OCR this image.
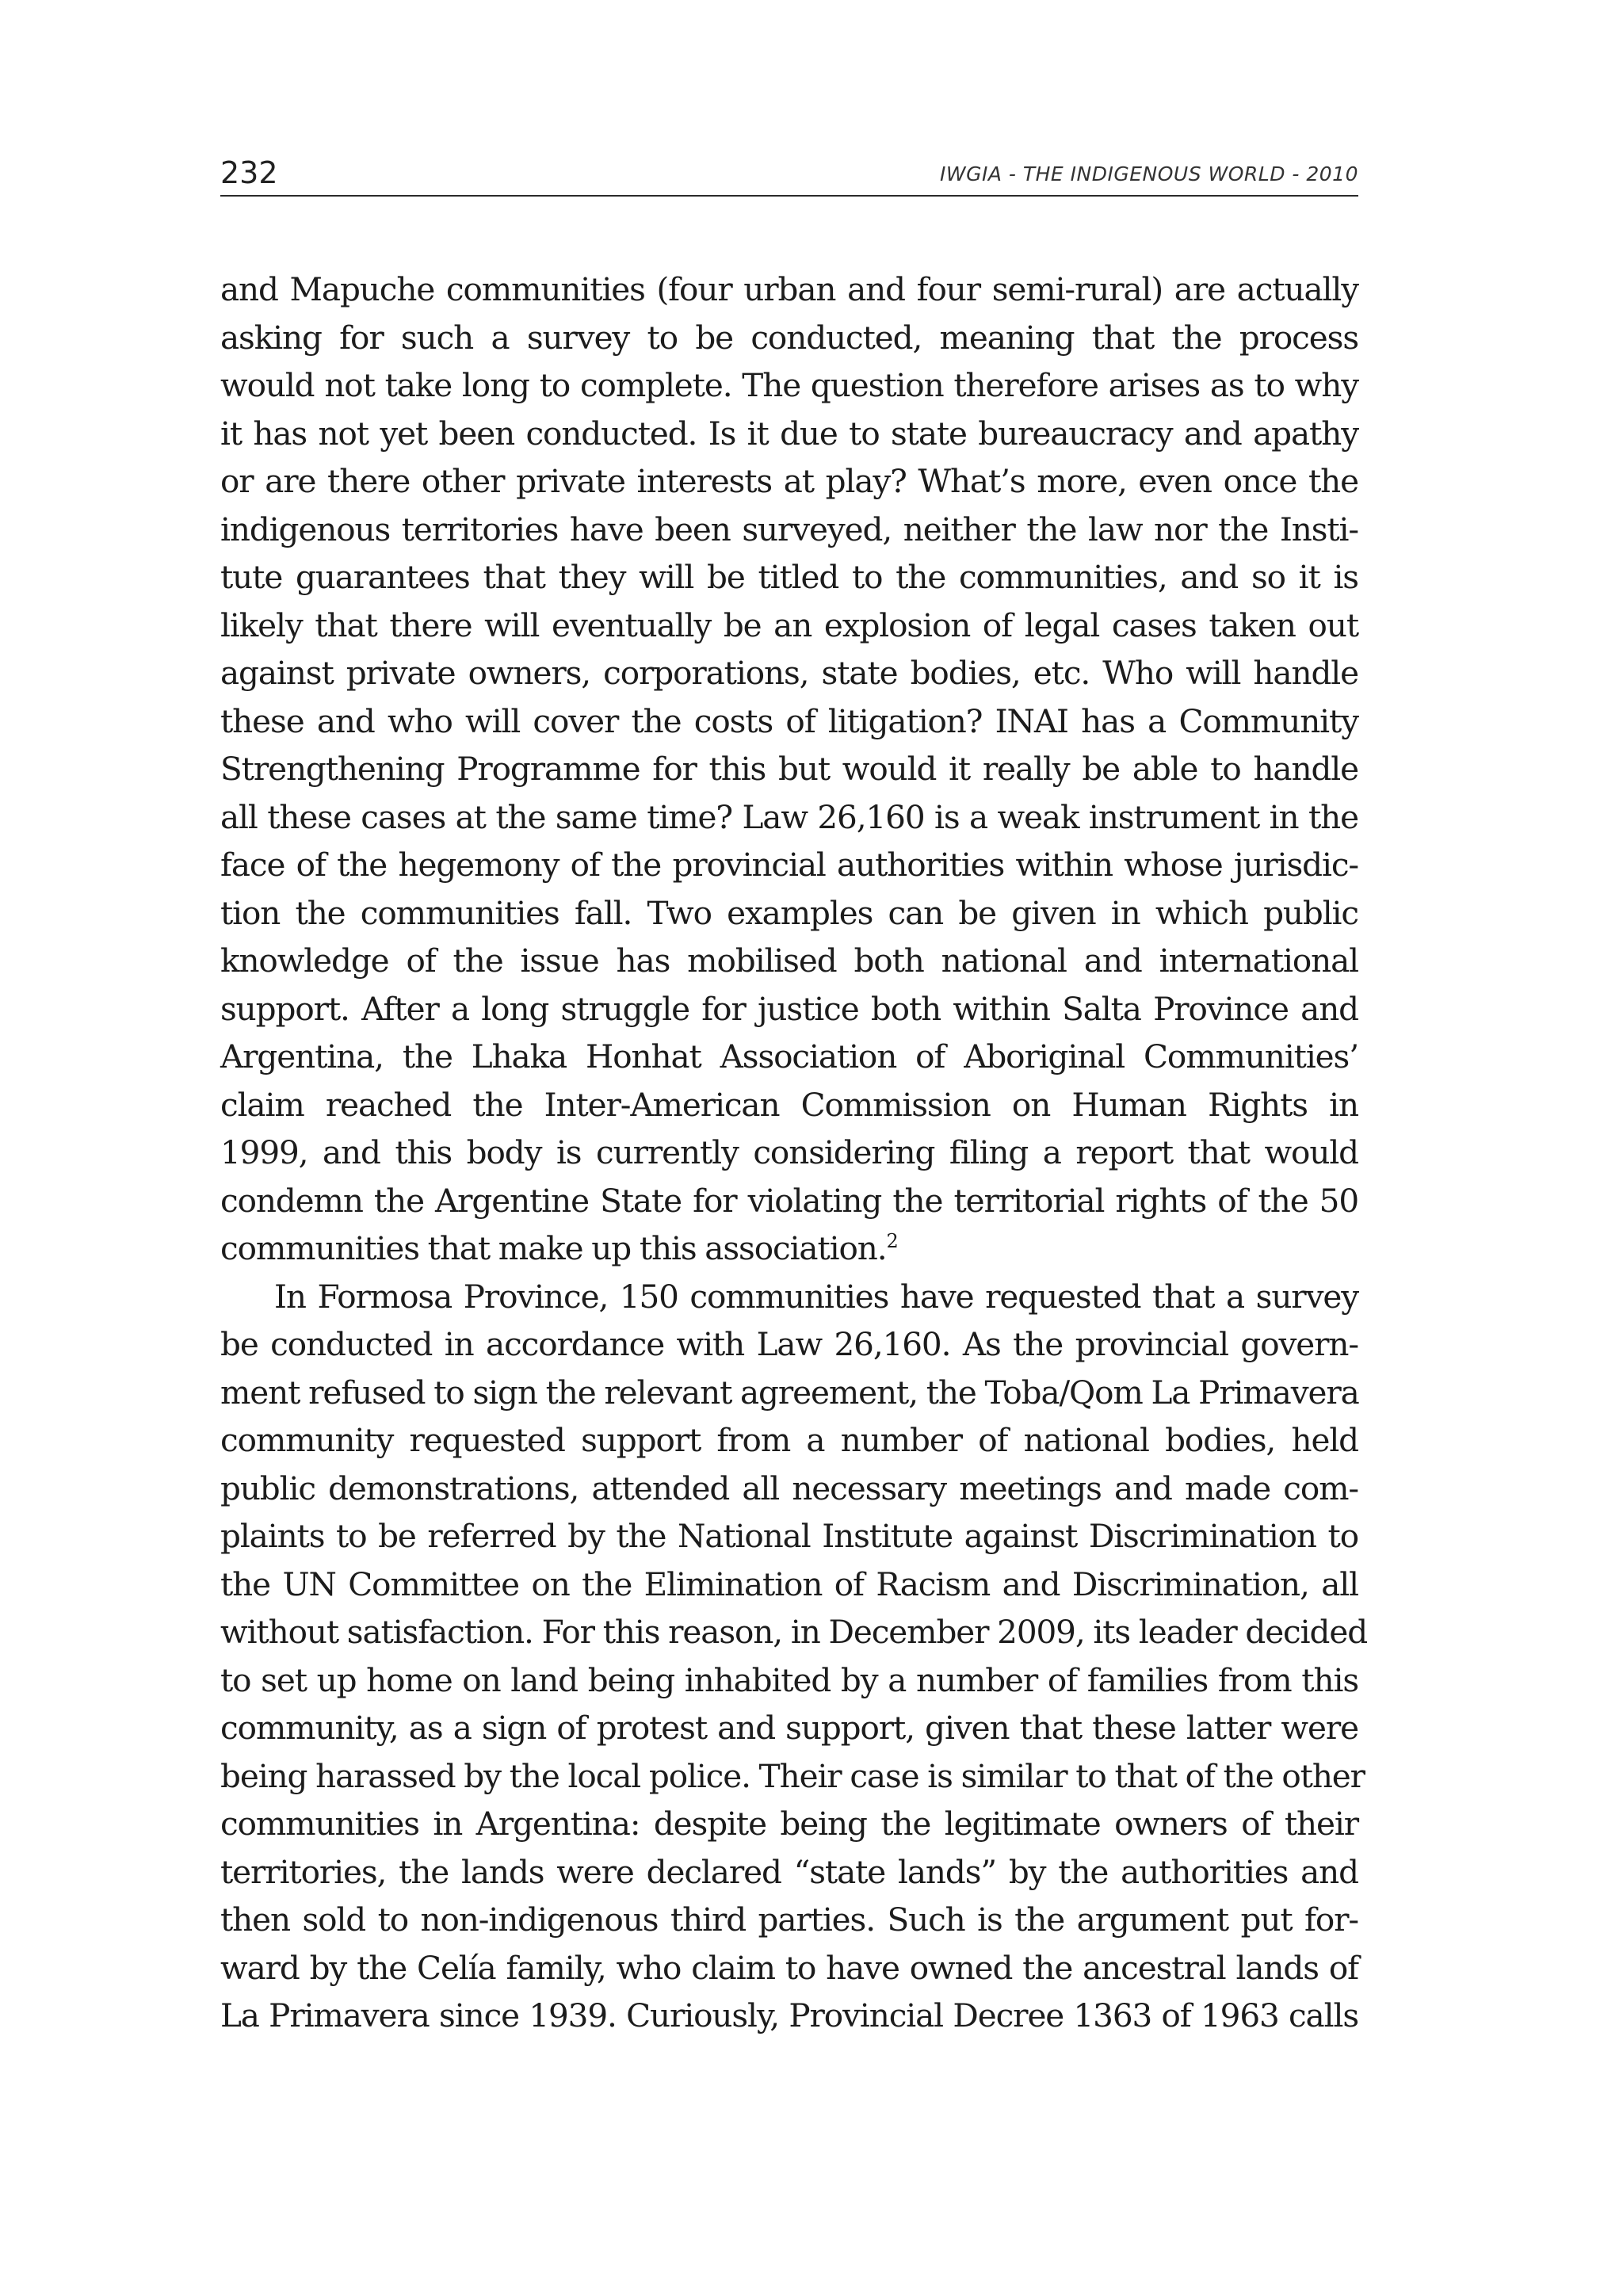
232	IWGIA - THE INDIGENOUS WORLD - 2010

and Mapuche communities (four urban and four semi-rural) are actually

asking for such a survey to be conducted, meaning that the process

would not take long to complete. The question therefore arises as to why

it has not yet been conducted. Is it due to state bureaucracy and apathy

or are there other private interests at play? What’s more, even once the

indigenous territories have been surveyed, neither the law nor the Insti-

tute guarantees that they will be titled to the communities, and so it is

likely that there will eventually be an explosion of legal cases taken out

against private owners, corporations, state bodies, etc. Who will handle

these and who will cover the costs of litigation? INAI has a Community

Strengthening Programme for this but would it really be able to handle

all these cases at the same time? Law 26,160 is a weak instrument in the

face of the hegemony of the provincial authorities within whose jurisdic-

tion the communities fall. Two examples can be given in which public

knowledge of the issue has mobilised both national and international

support. After a long struggle for justice both within Salta Province and

Argentina, the Lhaka Honhat Association of Aboriginal Communities’

claim reached the Inter-American Commission on Human Rights in

1999, and this body is currently considering filing a report that would

condemn the Argentine State for violating the territorial rights of the 50

communities that make up this association.$^2$

In Formosa Province, 150 communities have requested that a survey

be conducted in accordance with Law 26,160. As the provincial govern-

ment refused to sign the relevant agreement, the Toba/Qom La Primavera

community requested support from a number of national bodies, held

public demonstrations, attended all necessary meetings and made com-

plaints to be referred by the National Institute against Discrimination to

the UN Committee on the Elimination of Racism and Discrimination, all

without satisfaction. For this reason, in December 2009, its leader decided

to set up home on land being inhabited by a number of families from this

community, as a sign of protest and support, given that these latter were

being harassed by the local police. Their case is similar to that of the other

communities in Argentina: despite being the legitimate owners of their

territories, the lands were declared “state lands” by the authorities and

then sold to non-indigenous third parties. Such is the argument put for-

ward by the Celía family, who claim to have owned the ancestral lands of

La Primavera since 1939. Curiously, Provincial Decree 1363 of 1963 calls
